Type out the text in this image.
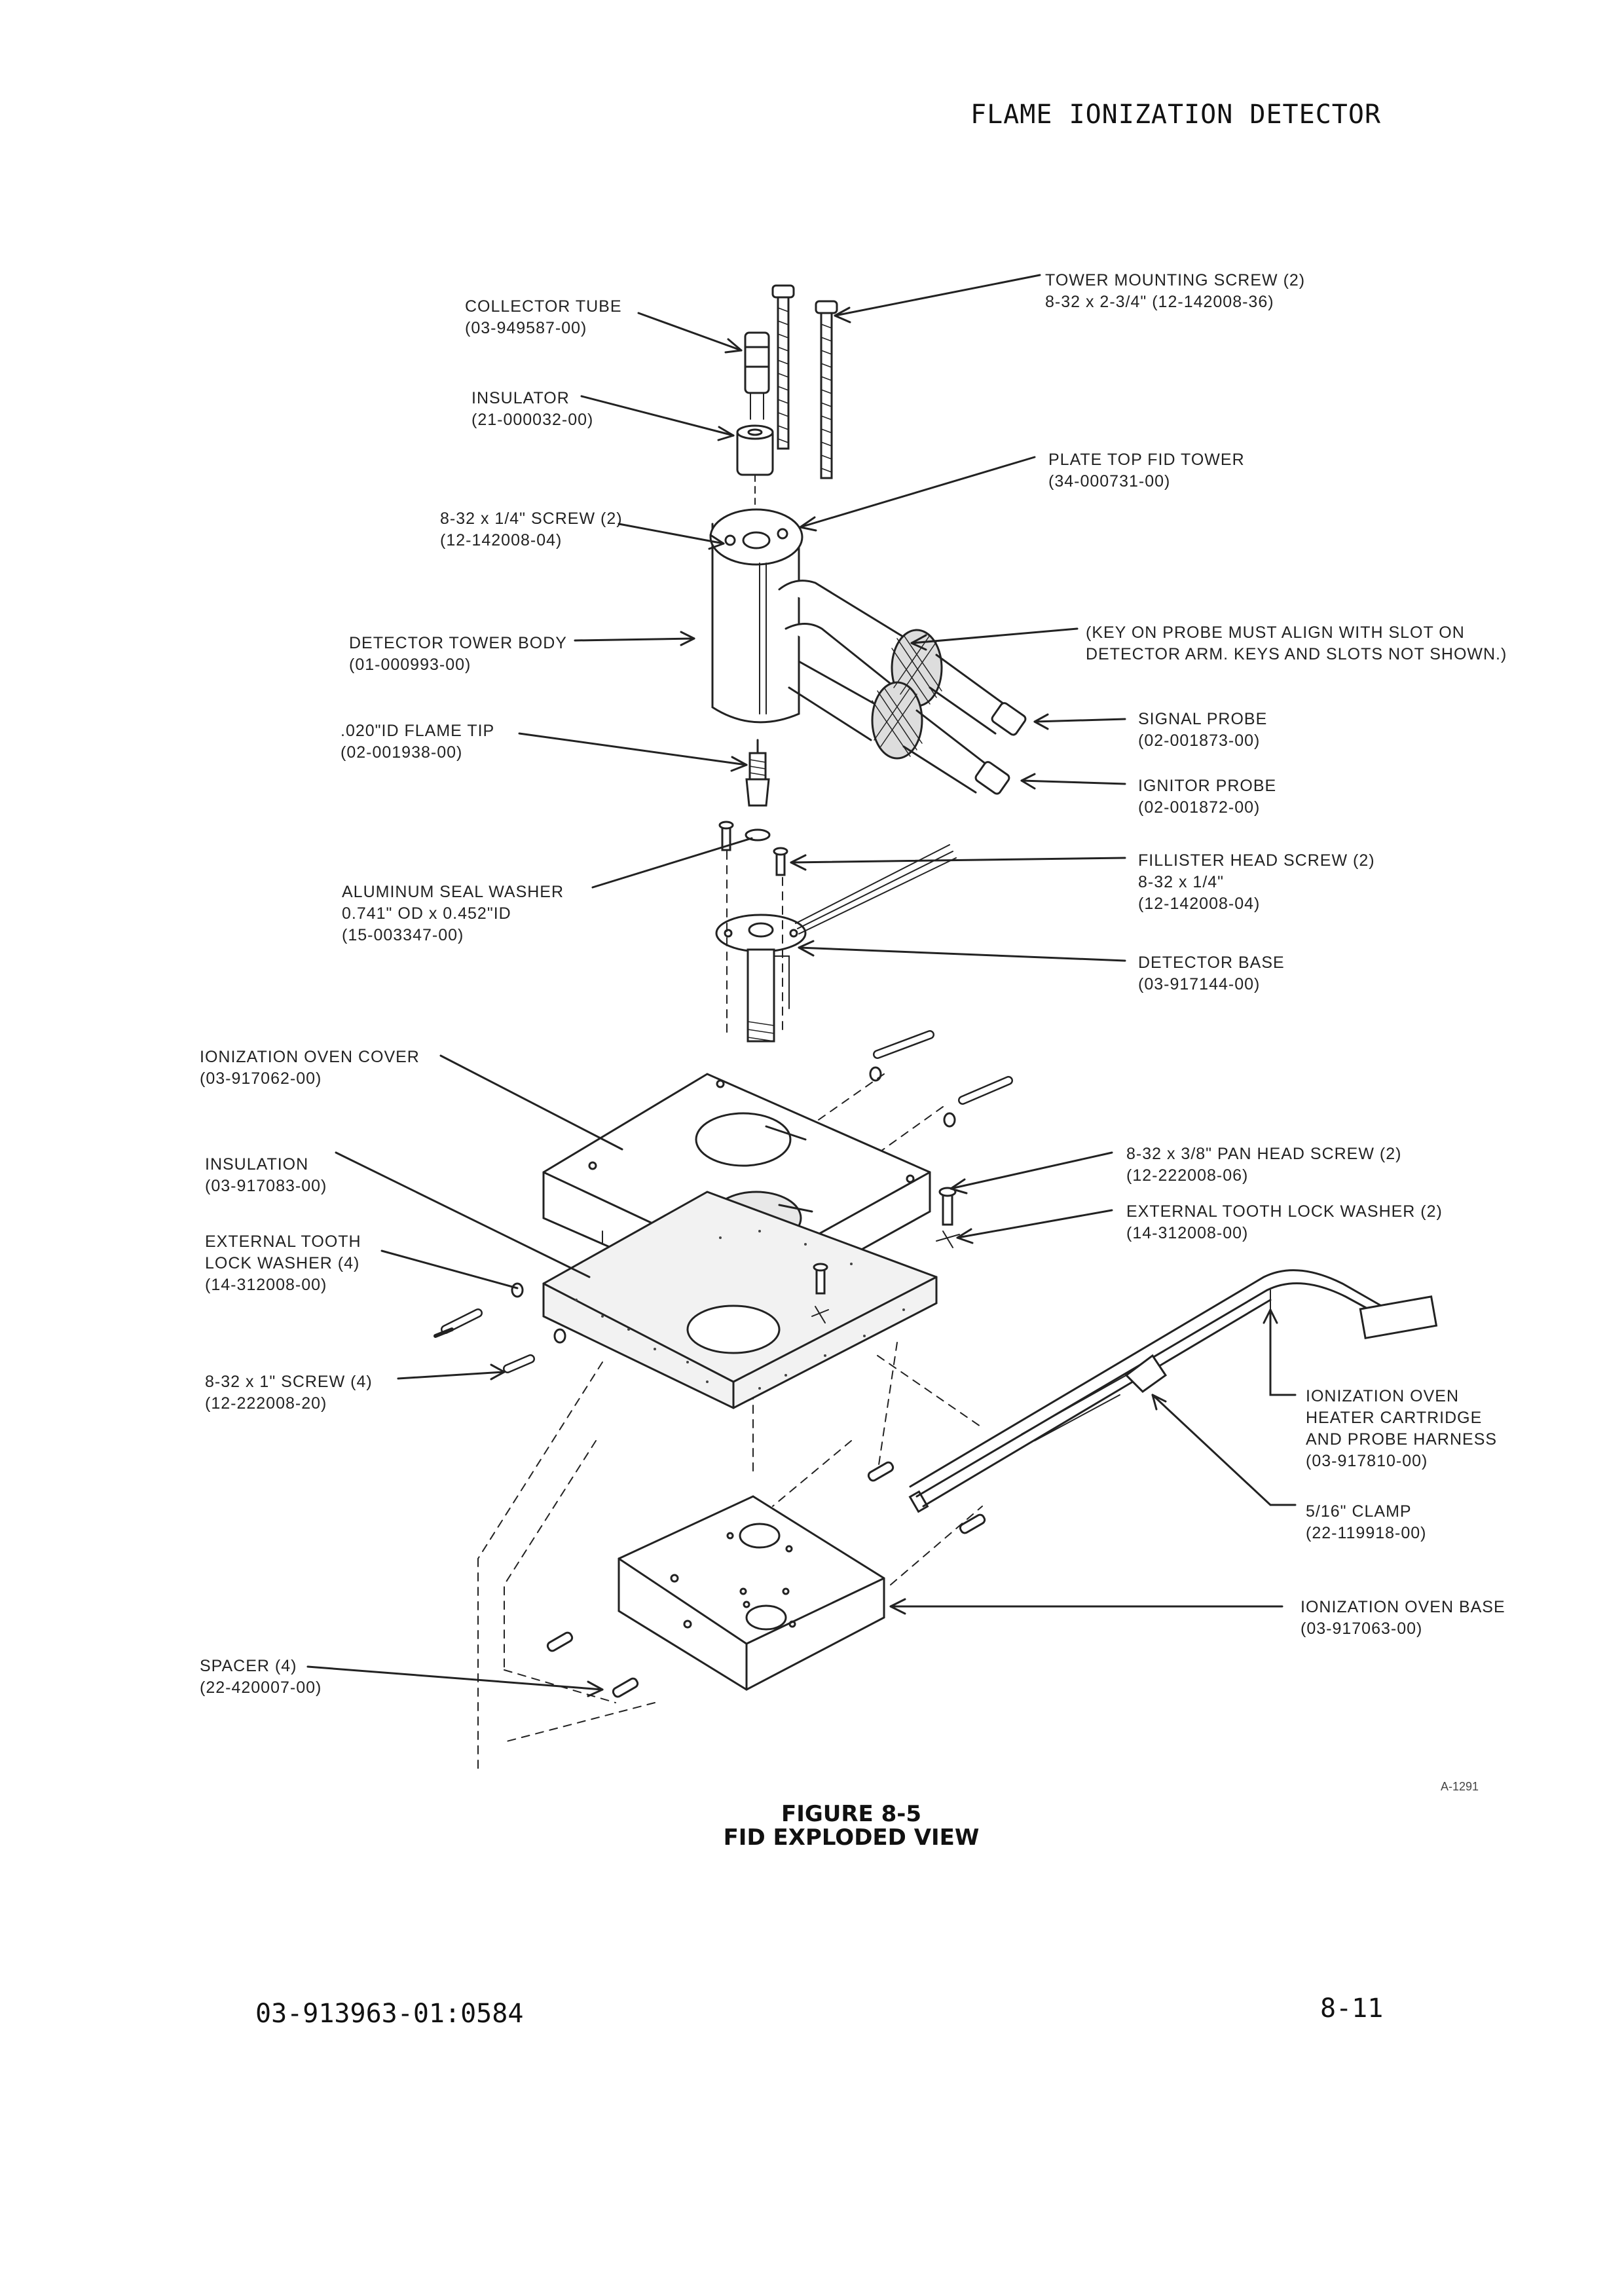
FLAME IONIZATION DETECTOR
COLLECTOR TUBE
(03-949587-00)
INSULATOR
(21-000032-00)
8-32 x 1/4" SCREW (2)
(12-142008-04)
DETECTOR TOWER BODY
(01-000993-00)
.020"ID FLAME TIP
(02-001938-00)
ALUMINUM SEAL WASHER
0.741" OD x 0.452"ID
(15-003347-00)
IONIZATION OVEN COVER
(03-917062-00)
INSULATION
(03-917083-00)
EXTERNAL TOOTH
LOCK WASHER (4)
(14-312008-00)
8-32 x 1" SCREW (4)
(12-222008-20)
SPACER (4)
(22-420007-00)
TOWER MOUNTING SCREW (2)
8-32 x 2-3/4" (12-142008-36)
PLATE TOP FID TOWER
(34-000731-00)
(KEY ON PROBE MUST ALIGN WITH SLOT ON
DETECTOR ARM. KEYS AND SLOTS NOT SHOWN.)
SIGNAL PROBE
(02-001873-00)
IGNITOR PROBE
(02-001872-00)
FILLISTER HEAD SCREW (2)
8-32 x 1/4"
(12-142008-04)
DETECTOR BASE
(03-917144-00)
8-32 x 3/8" PAN HEAD SCREW (2)
(12-222008-06)
EXTERNAL TOOTH LOCK WASHER (2)
(14-312008-00)
IONIZATION OVEN
HEATER CARTRIDGE
AND PROBE HARNESS
(03-917810-00)
5/16" CLAMP
(22-119918-00)
IONIZATION OVEN BASE
(03-917063-00)
A-1291
FIGURE 8-5
FID EXPLODED VIEW
03-913963-01:0584	8-11
